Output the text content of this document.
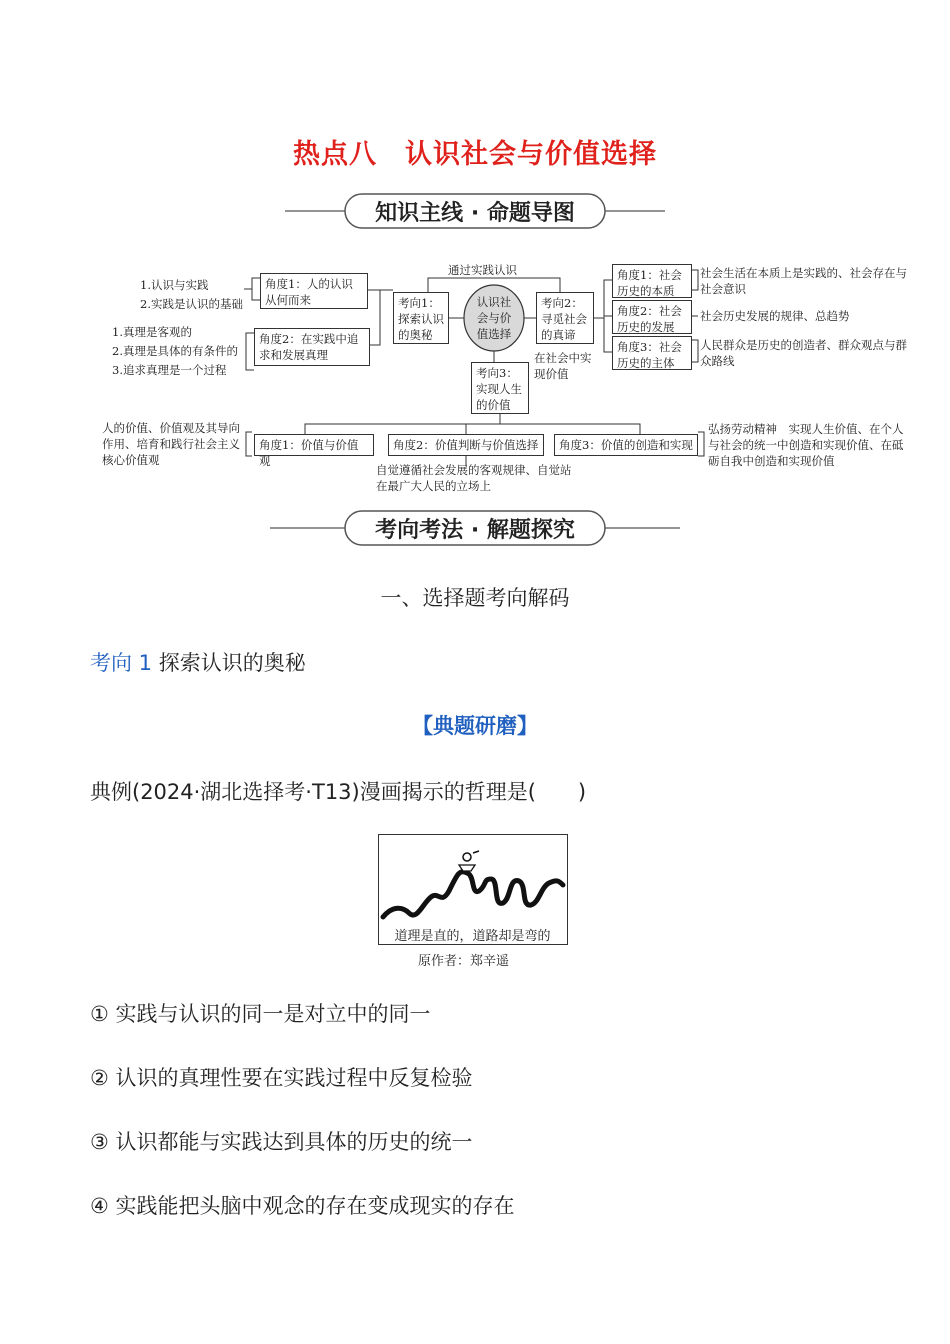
热点八　认识社会与价值选择
知识主线 · 命题导图
考向考法 · 解题探究
认识社会与价值选择
通过实践认识
考向1：探索认识的奥秘
考向2：寻觅社会的真谛
考向3：实现人生的价值
在社会中实现价值
角度1：人的认识从何而来
1.认识与实践
2.实践是认识的基础
角度2：在实践中追求和发展真理
1.真理是客观的
2.真理是具体的有条件的
3.追求真理是一个过程
角度1：社会历史的本质
社会生活在本质上是实践的、社会存在与社会意识
角度2：社会历史的发展
社会历史发展的规律、总趋势
角度3：社会历史的主体
人民群众是历史的创造者、群众观点与群众路线
角度1：价值与价值观
人的价值、价值观及其导向作用、培育和践行社会主义核心价值观
角度2：价值判断与价值选择
自觉遵循社会发展的客观规律、自觉站在最广大人民的立场上
角度3：价值的创造和实现
弘扬劳动精神　实现人生价值、在个人与社会的统一中创造和实现价值、在砥砺自我中创造和实现价值
一、选择题考向解码
考向 1 探索认识的奥秘
【典题研磨】
典例(2024·湖北选择考·T13)漫画揭示的哲理是(　　)
道理是直的，道路却是弯的
原作者：郑辛遥
① 实践与认识的同一是对立中的同一
② 认识的真理性要在实践过程中反复检验
③ 认识都能与实践达到具体的历史的统一
④ 实践能把头脑中观念的存在变成现实的存在
